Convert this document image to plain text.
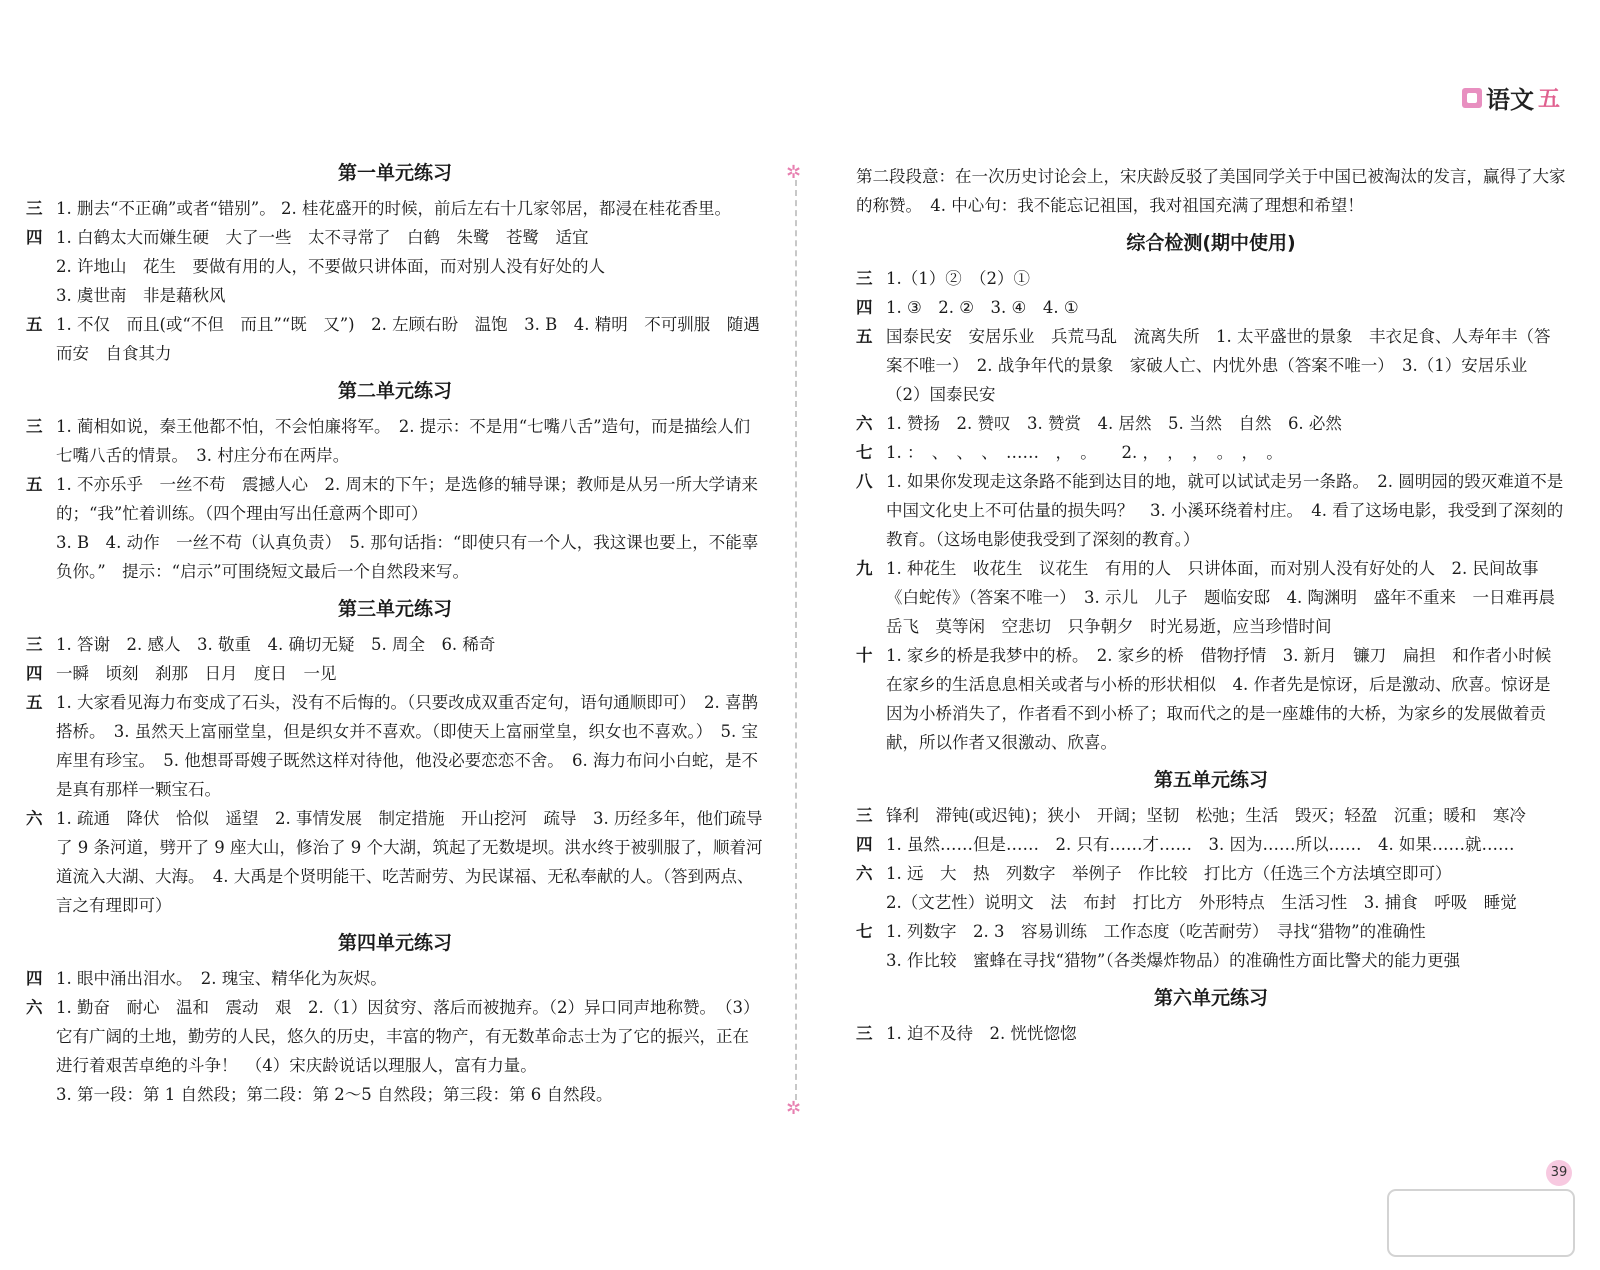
语文 五
第一单元练习
三 1. 删去“不正确”或者“错别”。 2. 桂花盛开的时候，前后左右十几家邻居，都浸在桂花香里。
四 1. 白鹤太大而嫌生硬　大了一些　太不寻常了　白鹤　朱鹭　苍鹭　适宜
2. 许地山　花生　要做有用的人，不要做只讲体面，而对别人没有好处的人
3. 虞世南　非是藉秋风
五 1. 不仅　而且(或“不但　而且”“既　又”)　2. 左顾右盼　温饱　3. B　4. 精明　不可驯服　随遇而安　自食其力
第二单元练习
三 1. 蔺相如说，秦王他都不怕，不会怕廉将军。　2. 提示：不是用“七嘴八舌”造句，而是描绘人们七嘴八舌的情景。　3. 村庄分布在两岸。
五 1. 不亦乐乎　一丝不苟　震撼人心　2. 周末的下午；是选修的辅导课；教师是从另一所大学请来的；“我”忙着训练。（四个理由写出任意两个即可）
3. B　4. 动作　一丝不苟（认真负责）　5. 那句话指：“即使只有一个人，我这课也要上，不能辜负你。”　提示：“启示”可围绕短文最后一个自然段来写。
第三单元练习
三 1. 答谢　2. 感人　3. 敬重　4. 确切无疑　5. 周全　6. 稀奇
四 一瞬　顷刻　刹那　日月　度日　一见
五 1. 大家看见海力布变成了石头，没有不后悔的。（只要改成双重否定句，语句通顺即可）　2. 喜鹊搭桥。　3. 虽然天上富丽堂皇，但是织女并不喜欢。（即使天上富丽堂皇，织女也不喜欢。）　5. 宝库里有珍宝。　5. 他想哥哥嫂子既然这样对待他，他没必要恋恋不舍。　6. 海力布问小白蛇，是不是真有那样一颗宝石。
六 1. 疏通　降伏　恰似　遥望　2. 事情发展　制定措施　开山挖河　疏导　3. 历经多年，他们疏导了 9 条河道，劈开了 9 座大山，修治了 9 个大湖，筑起了无数堤坝。洪水终于被驯服了，顺着河道流入大湖、大海。　4. 大禹是个贤明能干、吃苦耐劳、为民谋福、无私奉献的人。（答到两点、言之有理即可）
第四单元练习
四 1. 眼中涌出泪水。　2. 瑰宝、精华化为灰烬。
六 1. 勤奋　耐心　温和　震动　艰　2.（1）因贫穷、落后而被抛弃。（2）异口同声地称赞。　（3）它有广阔的土地，勤劳的人民，悠久的历史，丰富的物产，有无数革命志士为了它的振兴，正在进行着艰苦卓绝的斗争！　（4）宋庆龄说话以理服人，富有力量。
3. 第一段：第 1 自然段；第二段：第 2～5 自然段；第三段：第 6 自然段。
✲
✲
第二段段意：在一次历史讨论会上，宋庆龄反驳了美国同学关于中国已被淘汰的发言，赢得了大家的称赞。　4. 中心句：我不能忘记祖国，我对祖国充满了理想和希望！
综合检测(期中使用)
三 1.（1）②　（2）①
四 1. ③　2. ②　3. ④　4. ①
五 国泰民安　安居乐业　兵荒马乱　流离失所　1. 太平盛世的景象　丰衣足食、人寿年丰（答案不唯一）　2. 战争年代的景象　家破人亡、内忧外患（答案不唯一）　3.（1）安居乐业　（2）国泰民安
六 1. 赞扬　2. 赞叹　3. 赞赏　4. 居然　5. 当然　自然　6. 必然
七 1. ：　、　、　、　……　，　。　　2. ，　，　，　。　，　。
八 1. 如果你发现走这条路不能到达目的地，就可以试试走另一条路。　2. 圆明园的毁灭难道不是中国文化史上不可估量的损失吗？　3. 小溪环绕着村庄。　4. 看了这场电影，我受到了深刻的教育。（这场电影使我受到了深刻的教育。）
九 1. 种花生　收花生　议花生　有用的人　只讲体面，而对别人没有好处的人　2. 民间故事　《白蛇传》（答案不唯一）　3. 示儿　儿子　题临安邸　4. 陶渊明　盛年不重来　一日难再晨　岳飞　莫等闲　空悲切　只争朝夕　时光易逝，应当珍惜时间
十 1. 家乡的桥是我梦中的桥。　2. 家乡的桥　借物抒情　3. 新月　镰刀　扁担　和作者小时候在家乡的生活息息相关或者与小桥的形状相似　4. 作者先是惊讶，后是激动、欣喜。惊讶是因为小桥消失了，作者看不到小桥了；取而代之的是一座雄伟的大桥，为家乡的发展做着贡献，所以作者又很激动、欣喜。
第五单元练习
三 锋利　滞钝(或迟钝)；狭小　开阔；坚韧　松弛；生活　毁灭；轻盈　沉重；暖和　寒冷
四 1. 虽然……但是……　2. 只有……才……　3. 因为……所以……　4. 如果……就……
六 1. 远　大　热　列数字　举例子　作比较　打比方（任选三个方法填空即可）
2.（文艺性）说明文　法　布封　打比方　外形特点　生活习性　3. 捕食　呼吸　睡觉
七 1. 列数字　2. 3　容易训练　工作态度（吃苦耐劳）　寻找“猎物”的准确性
3. 作比较　蜜蜂在寻找“猎物”（各类爆炸物品）的准确性方面比警犬的能力更强
第六单元练习
三 1. 迫不及待　2. 恍恍惚惚
39
